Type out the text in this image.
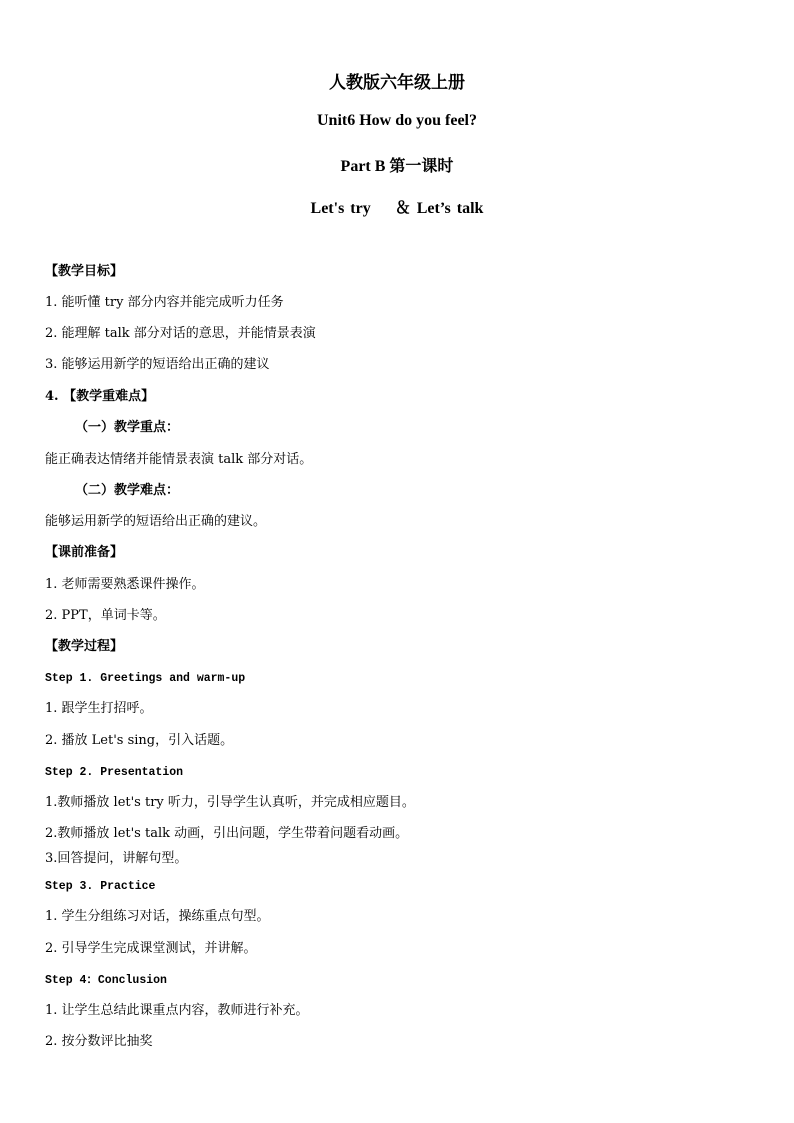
人教版六年级上册
Unit6 How do you feel?
Part B 第一课时
Let's try    ＆ Let’s talk
【教学目标】
1. 能听懂 try 部分内容并能完成听力任务
2. 能理解 talk 部分对话的意思，并能情景表演
3. 能够运用新学的短语给出正确的建议
4. 【教学重难点】
（一）教学重点：
能正确表达情绪并能情景表演 talk 部分对话。
（二）教学难点：
能够运用新学的短语给出正确的建议。
【课前准备】
1. 老师需要熟悉课件操作。
2. PPT，单词卡等。
【教学过程】
Step 1. Greetings and warm-up
1. 跟学生打招呼。
2. 播放 Let's sing，引入话题。
Step 2. Presentation
1.教师播放 let's try 听力，引导学生认真听，并完成相应题目。
2.教师播放 let's talk 动画，引出问题，学生带着问题看动画。
3.回答提问，讲解句型。
Step 3. Practice
1. 学生分组练习对话，操练重点句型。
2. 引导学生完成课堂测试，并讲解。
Step 4：Conclusion
1. 让学生总结此课重点内容，教师进行补充。
2. 按分数评比抽奖
